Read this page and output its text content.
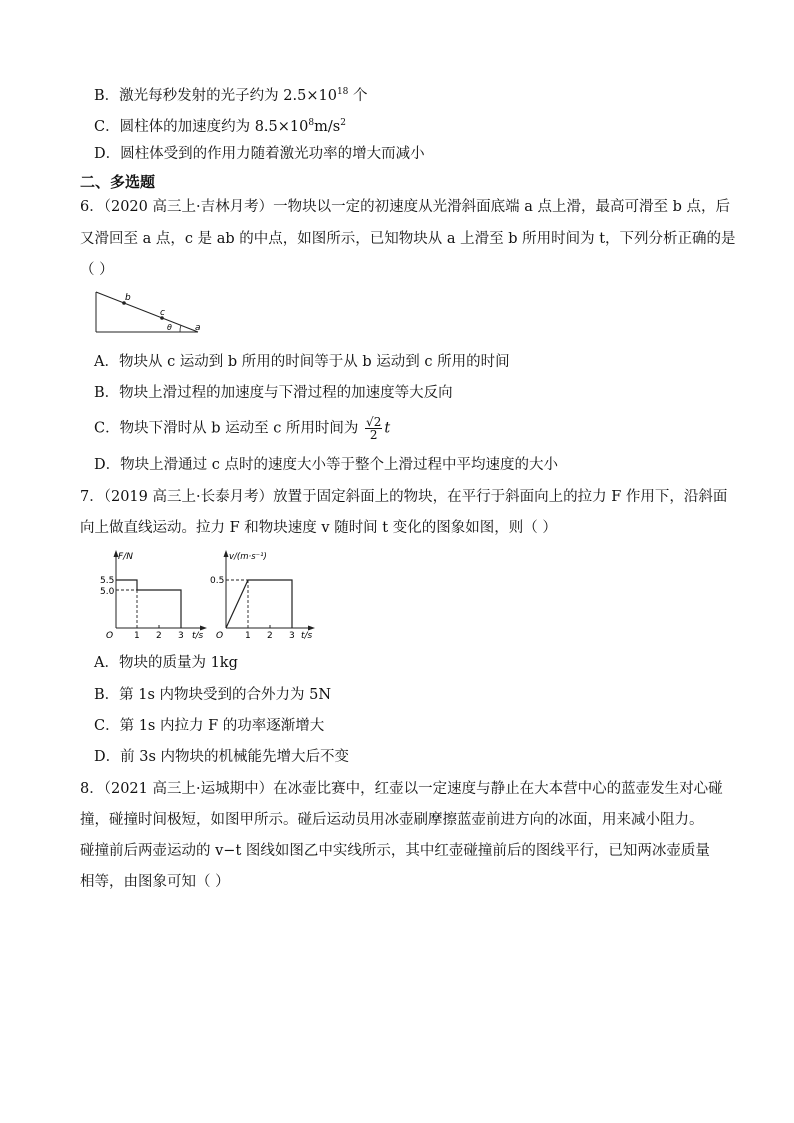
B．激光每秒发射的光子约为 $2.5\times 10^{18}$ 个
C．圆柱体的加速度约为 $8.5\times 10^8m/s^2$
D．圆柱体受到的作用力随着激光功率的增大而减小
二、多选题
6．（2020 高三上·吉林月考）一物块以一定的初速度从光滑斜面底端 a 点上滑，最高可滑至 b 点，后
又滑回至 a 点，c 是 ab 的中点，如图所示，已知物块从 a 上滑至 b 所用时间为 t，下列分析正确的是
（ ）
b
c
θ	a
A．物块从 c 运动到 b 所用的时间等于从 b 运动到 c 所用的时间
B．物块上滑过程的加速度与下滑过程的加速度等大反向
C．物块下滑时从 b 运动至 c 所用时间为 $\frac{√2}{2}$ t
D．物块上滑通过 c 点时的速度大小等于整个上滑过程中平均速度的大小
7．（2019 高三上·长泰月考）放置于固定斜面上的物块，在平行于斜面向上的拉力 F 作用下，沿斜面
向上做直线运动。拉力 F 和物块速度 v 随时间 t 变化的图象如图，则（ ）
F/N
5.5
5.0
O 1 2 3 t/s
v/(m·s⁻¹)
0.5
O 1 2 3 t/s
A．物块的质量为 1kg
B．第 1s 内物块受到的合外力为 5N
C．第 1s 内拉力 F 的功率逐渐增大
D．前 3s 内物块的机械能先增大后不变
8．（2021 高三上·运城期中）在冰壶比赛中，红壶以一定速度与静止在大本营中心的蓝壶发生对心碰
撞，碰撞时间极短，如图甲所示。碰后运动员用冰壶刷摩擦蓝壶前进方向的冰面，用来减小阻力。
碰撞前后两壶运动的 v−t 图线如图乙中实线所示，其中红壶碰撞前后的图线平行，已知两冰壶质量
相等，由图象可知（ ）
